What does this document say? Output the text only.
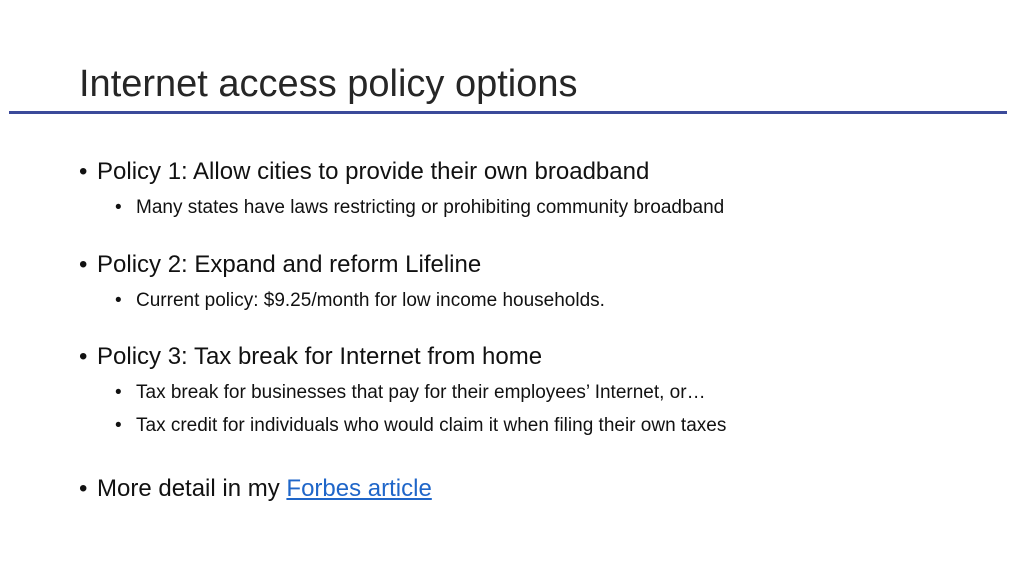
Internet access policy options
• Policy 1: Allow cities to provide their own broadband
• Many states have laws restricting or prohibiting community broadband
• Policy 2: Expand and reform Lifeline
• Current policy: $9.25/month for low income households.
• Policy 3: Tax break for Internet from home
• Tax break for businesses that pay for their employees’ Internet, or…
• Tax credit for individuals who would claim it when filing their own taxes
• More detail in my Forbes article
